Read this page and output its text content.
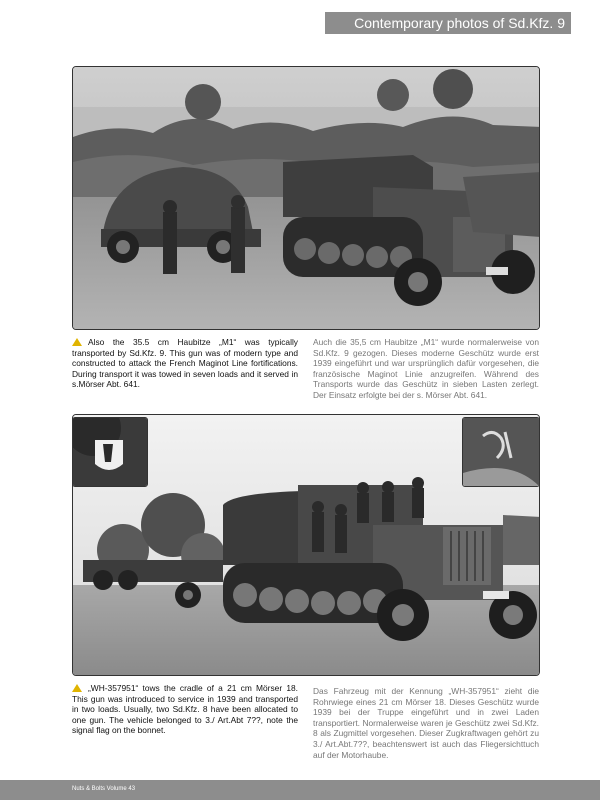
Contemporary photos of Sd.Kfz. 9
Also the 35.5 cm Haubitze „M1“ was typically transported by Sd.Kfz. 9. This gun was of modern type and constructed to attack the French Maginot Line fortifications. During transport it was towed in seven loads and it served in s.Mörser Abt. 641.
Auch die 35,5 cm Haubitze „M1“ wurde normalerweise von Sd.Kfz. 9 gezogen. Dieses moderne Geschütz wurde erst 1939 eingeführt und war ursprünglich dafür vorgesehen, die französische Maginot Linie anzugreifen. Während des Transports wurde das Geschütz in sieben Lasten zerlegt. Der Einsatz erfolgte bei der s. Mörser Abt. 641.
„WH-357951“ tows the cradle of a 21 cm Mörser 18. This gun was introduced to service in 1939 and transported in two loads. Usually, two Sd.Kfz. 8 have been allocated to one gun. The vehicle belonged to 3./ Art.Abt 7??, note the signal flag on the bonnet.
Das Fahrzeug mit der Kennung „WH-357951“ zieht die Rohrwiege eines 21 cm Mörser 18. Dieses Geschütz wurde 1939 bei der Truppe eingeführt und in zwei Laden transportiert. Normalerweise waren je Geschütz zwei Sd.Kfz. 8 als Zugmittel vorgesehen. Dieser Zugkraftwagen gehört zu 3./ Art.Abt.7??, beachtenswert ist auch das Fliegersichttuch auf der Motorhaube.
Nuts & Bolts Volume 43
